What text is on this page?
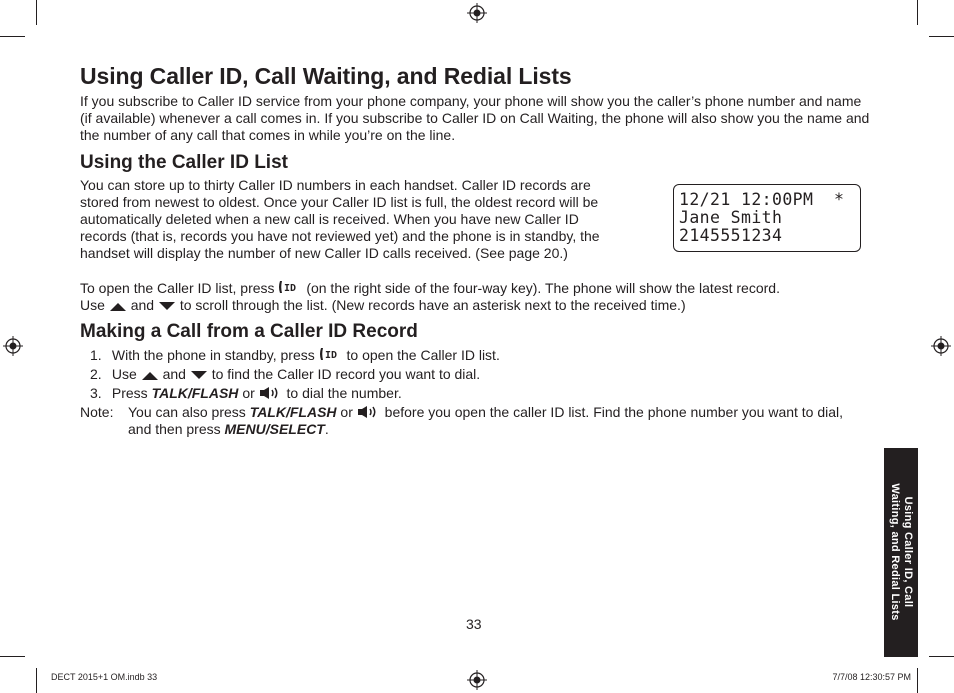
Using Caller ID, Call Waiting, and Redial Lists

If you subscribe to Caller ID service from your phone company, your phone will show you the caller’s phone number and name (if available) whenever a call comes in. If you subscribe to Caller ID on Call Waiting, the phone will also show you the name and the number of any call that comes in while you’re on the line.

Using the Caller ID List

You can store up to thirty Caller ID numbers in each handset. Caller ID records are stored from newest to oldest. Once your Caller ID list is full, the oldest record will be automatically deleted when a new call is received. When you have new Caller ID records (that is, records you have not reviewed yet) and the phone is in standby, the handset will display the number of new Caller ID calls received. (See page 20.)

12/21 12:00PM  *
Jane Smith
2145551234
To open the Caller ID list, press ID (on the right side of the four-way key). The phone will show the latest record.
Use and to scroll through the list. (New records have an asterisk next to the received time.)
Making a Call from a Caller ID Record
1. With the phone in standby, press ID to open the Caller ID list.
2. Use and to find the Caller ID record you want to dial.
3. Press TALK/FLASH or to dial the number.
Note: You can also press TALK/FLASH or before you open the caller ID list. Find the phone number you want to dial, and then press MENU/SELECT.
Using Caller ID, Call
Waiting, and Redial Lists
33
DECT 2015+1 OM.indb 33	7/7/08 12:30:57 PM
